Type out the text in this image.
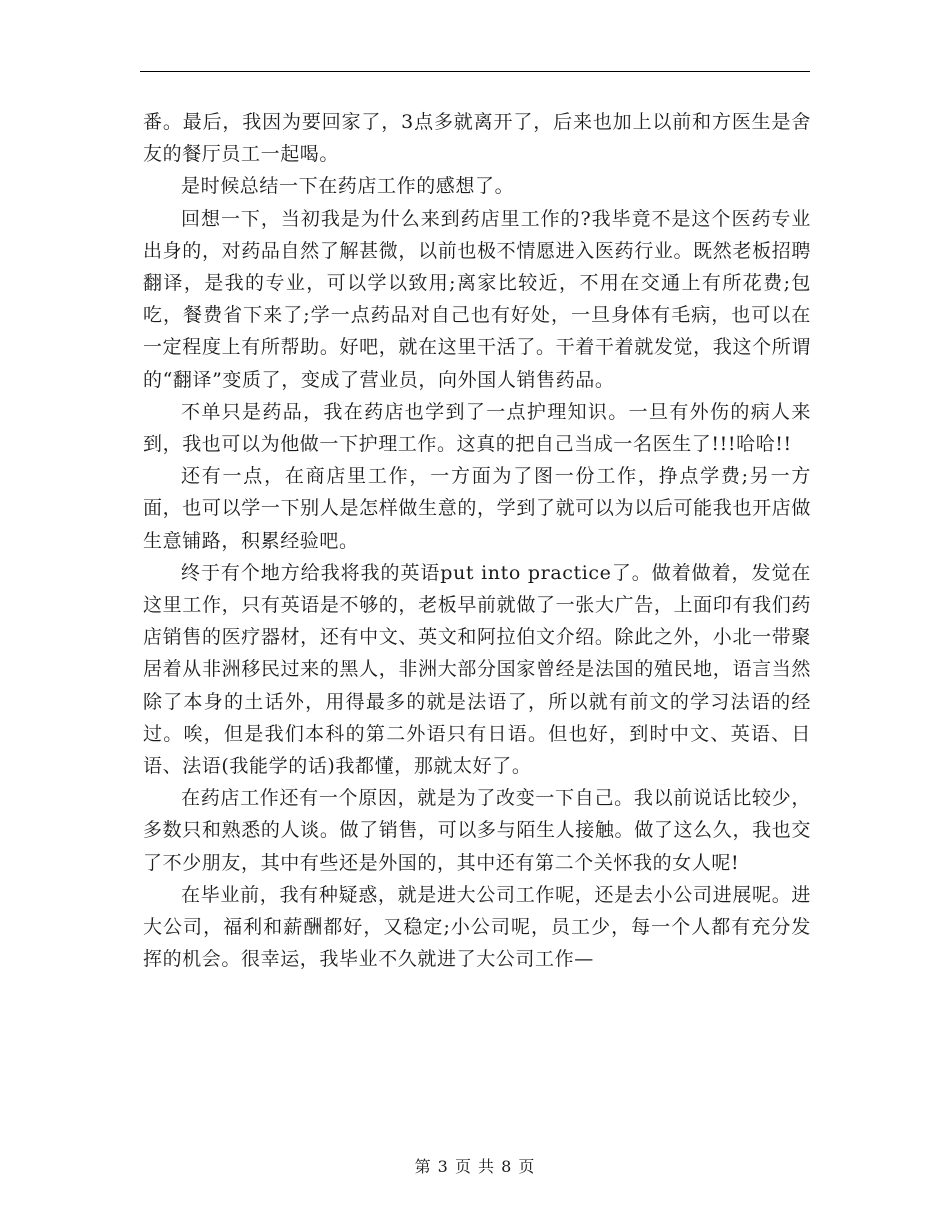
番。最后，我因为要回家了，3点多就离开了，后来也加上以前和方医生是舍友的餐厅员工一起喝。

是时候总结一下在药店工作的感想了。

回想一下，当初我是为什么来到药店里工作的?我毕竟不是这个医药专业出身的，对药品自然了解甚微，以前也极不情愿进入医药行业。既然老板招聘翻译，是我的专业，可以学以致用;离家比较近，不用在交通上有所花费;包吃，餐费省下来了;学一点药品对自己也有好处，一旦身体有毛病，也可以在一定程度上有所帮助。好吧，就在这里干活了。干着干着就发觉，我这个所谓的“翻译”变质了，变成了营业员，向外国人销售药品。

不单只是药品，我在药店也学到了一点护理知识。一旦有外伤的病人来到，我也可以为他做一下护理工作。这真的把自己当成一名医生了!!!哈哈!!

还有一点，在商店里工作，一方面为了图一份工作，挣点学费;另一方面，也可以学一下别人是怎样做生意的，学到了就可以为以后可能我也开店做生意铺路，积累经验吧。

终于有个地方给我将我的英语put into practice了。做着做着，发觉在这里工作，只有英语是不够的，老板早前就做了一张大广告，上面印有我们药店销售的医疗器材，还有中文、英文和阿拉伯文介绍。除此之外，小北一带聚居着从非洲移民过来的黑人，非洲大部分国家曾经是法国的殖民地，语言当然除了本身的土话外，用得最多的就是法语了，所以就有前文的学习法语的经过。唉，但是我们本科的第二外语只有日语。但也好，到时中文、英语、日语、法语(我能学的话)我都懂，那就太好了。

在药店工作还有一个原因，就是为了改变一下自己。我以前说话比较少，多数只和熟悉的人谈。做了销售，可以多与陌生人接触。做了这么久，我也交了不少朋友，其中有些还是外国的，其中还有第二个关怀我的女人呢!

在毕业前，我有种疑惑，就是进大公司工作呢，还是去小公司进展呢。进大公司，福利和薪酬都好，又稳定;小公司呢，员工少，每一个人都有充分发挥的机会。很幸运，我毕业不久就进了大公司工作—

第 3 页 共 8 页
